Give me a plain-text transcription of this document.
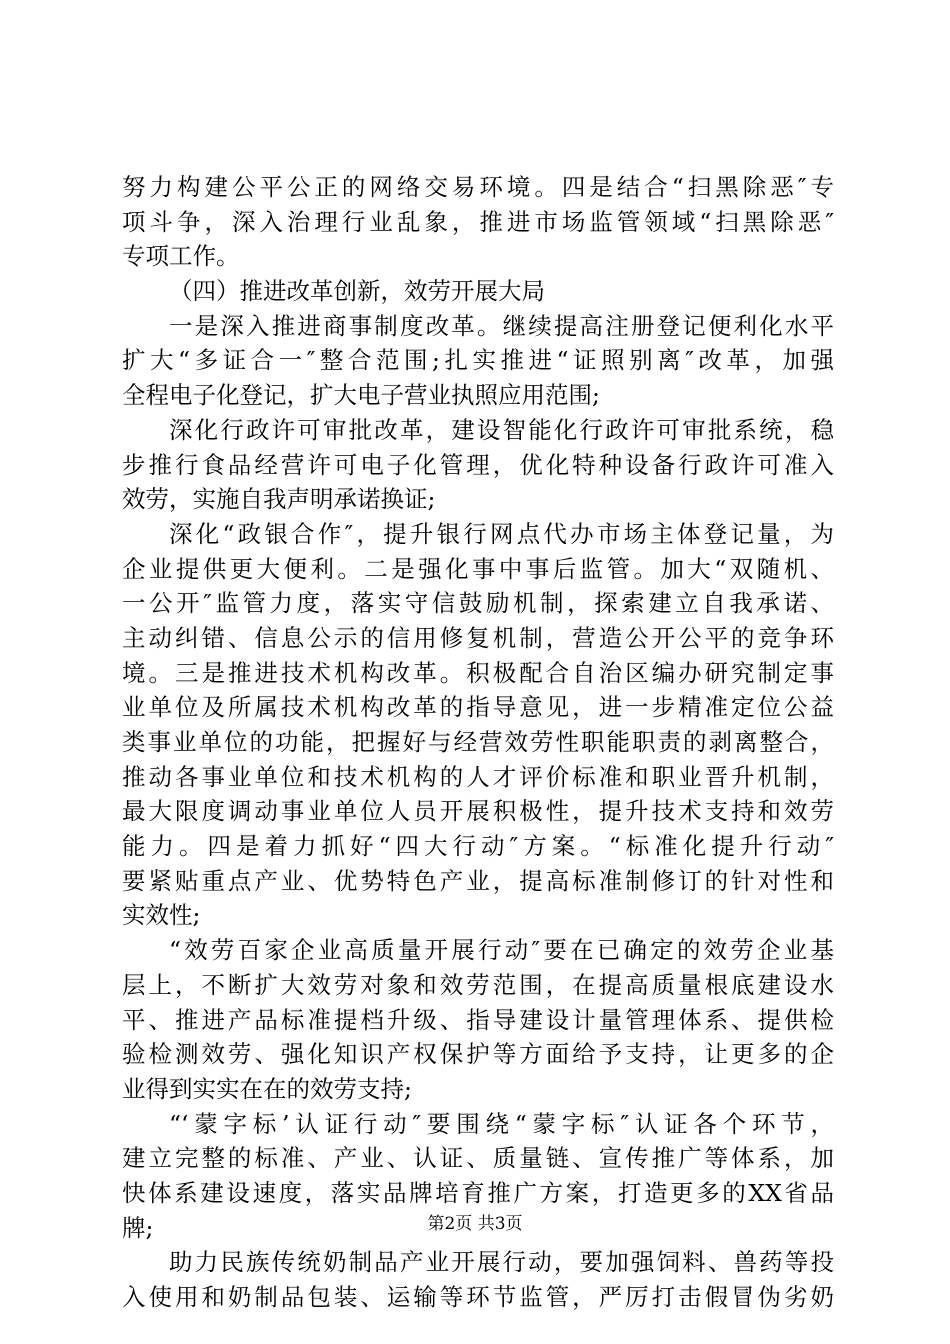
努力构建公平公正的网络交易环境。四是结合“扫黑除恶″专
项斗争，深入治理行业乱象，推进市场监管领域“扫黑除恶″
专项工作。
（四）推进改革创新，效劳开展大局
一是深入推进商事制度改革。继续提高注册登记便利化水平
扩大“多证合一″整合范围;扎实推进“证照别离″改革，加强
全程电子化登记，扩大电子营业执照应用范围;
深化行政许可审批改革，建设智能化行政许可审批系统，稳
步推行食品经营许可电子化管理，优化特种设备行政许可准入
效劳，实施自我声明承诺换证;
深化“政银合作″，提升银行网点代办市场主体登记量，为
企业提供更大便利。二是强化事中事后监管。加大“双随机、
一公开″监管力度，落实守信鼓励机制，探索建立自我承诺、
主动纠错、信息公示的信用修复机制，营造公开公平的竞争环
境。三是推进技术机构改革。积极配合自治区编办研究制定事
业单位及所属技术机构改革的指导意见，进一步精准定位公益
类事业单位的功能，把握好与经营效劳性职能职责的剥离整合，
推动各事业单位和技术机构的人才评价标准和职业晋升机制，
最大限度调动事业单位人员开展积极性，提升技术支持和效劳
能力。四是着力抓好“四大行动″方案。“标准化提升行动″
要紧贴重点产业、优势特色产业，提高标准制修订的针对性和
实效性;
“效劳百家企业高质量开展行动″要在已确定的效劳企业基
层上，不断扩大效劳对象和效劳范围，在提高质量根底建设水
平、推进产品标准提档升级、指导建设计量管理体系、提供检
验检测效劳、强化知识产权保护等方面给予支持，让更多的企
业得到实实在在的效劳支持;
“‘蒙字标’认证行动″要围绕“蒙字标″认证各个环节，
建立完整的标准、产业、认证、质量链、宣传推广等体系，加
快体系建设速度，落实品牌培育推广方案，打造更多的XX省品
牌;
助力民族传统奶制品产业开展行动，要加强饲料、兽药等投
入使用和奶制品包装、运输等环节监管，严厉打击假冒伪劣奶
第2页 共3页
